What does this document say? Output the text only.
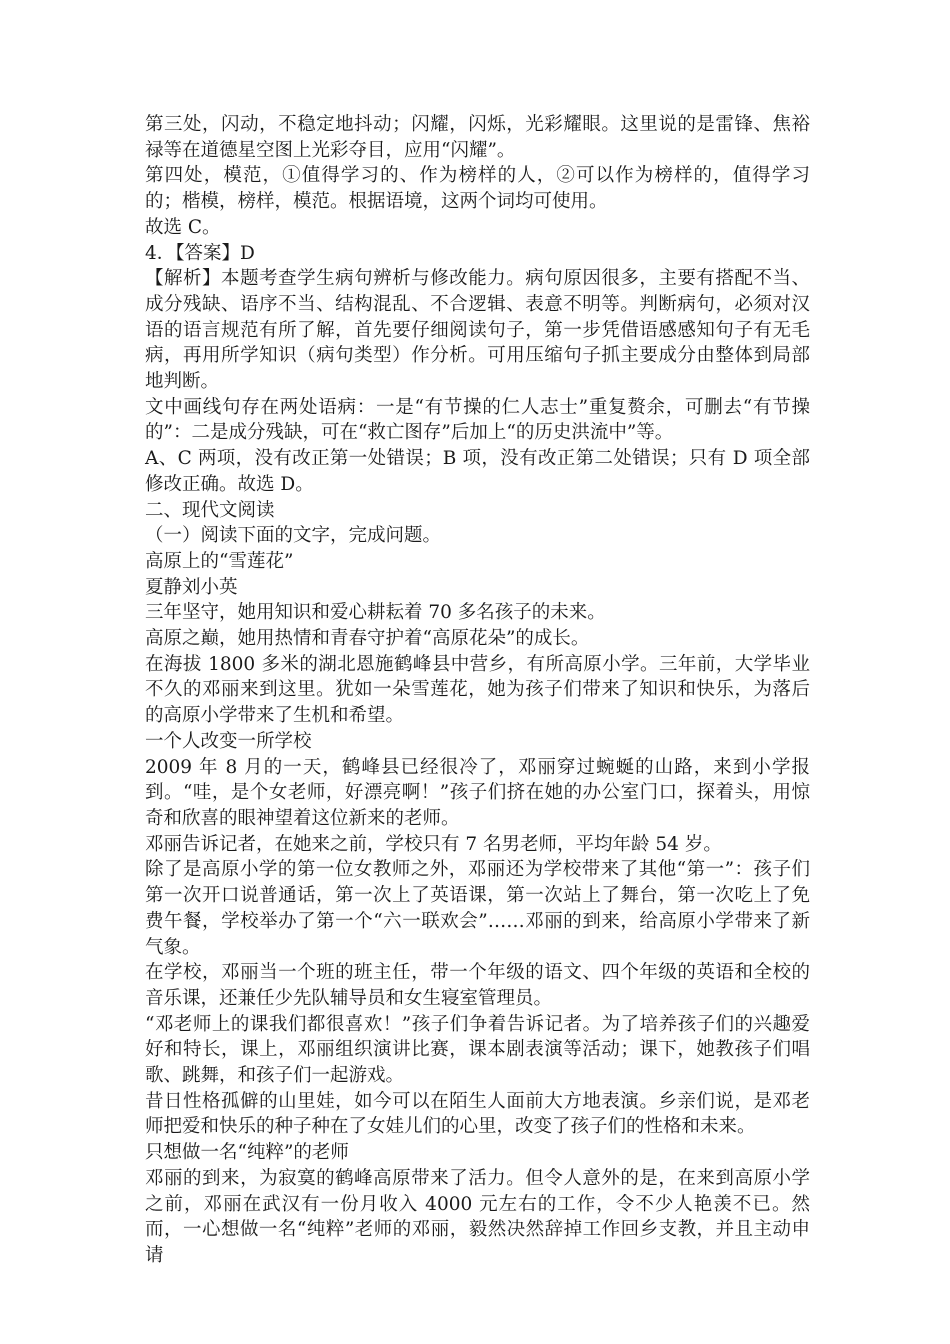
第三处，闪动，不稳定地抖动；闪耀，闪烁，光彩耀眼。这里说的是雷锋、焦裕禄等在道德星空图上光彩夺目，应用“闪耀”。

第四处，模范，①值得学习的、作为榜样的人，②可以作为榜样的，值得学习的；楷模，榜样，模范。根据语境，这两个词均可使用。

故选 C。

4．【答案】D

【解析】本题考查学生病句辨析与修改能力。病句原因很多，主要有搭配不当、成分残缺、语序不当、结构混乱、不合逻辑、表意不明等。判断病句，必须对汉语的语言规范有所了解，首先要仔细阅读句子，第一步凭借语感感知句子有无毛病，再用所学知识（病句类型）作分析。可用压缩句子抓主要成分由整体到局部地判断。

文中画线句存在两处语病：一是“有节操的仁人志士”重复赘余，可删去“有节操的”：二是成分残缺，可在“救亡图存”后加上“的历史洪流中”等。

A、C 两项，没有改正第一处错误；B 项，没有改正第二处错误；只有 D 项全部修改正确。故选 D。

二、现代文阅读

（一）阅读下面的文字，完成问题。

高原上的“雪莲花”

夏静刘小英

三年坚守，她用知识和爱心耕耘着 70 多名孩子的未来。

高原之巅，她用热情和青春守护着“高原花朵”的成长。

在海拔 1800 多米的湖北恩施鹤峰县中营乡，有所高原小学。三年前，大学毕业不久的邓丽来到这里。犹如一朵雪莲花，她为孩子们带来了知识和快乐，为落后的高原小学带来了生机和希望。

一个人改变一所学校

2009 年 8 月的一天，鹤峰县已经很冷了，邓丽穿过蜿蜒的山路，来到小学报到。“哇，是个女老师，好漂亮啊！”孩子们挤在她的办公室门口，探着头，用惊奇和欣喜的眼神望着这位新来的老师。

邓丽告诉记者，在她来之前，学校只有 7 名男老师，平均年龄 54 岁。

除了是高原小学的第一位女教师之外，邓丽还为学校带来了其他“第一”：孩子们第一次开口说普通话，第一次上了英语课，第一次站上了舞台，第一次吃上了免费午餐，学校举办了第一个“六一联欢会”……邓丽的到来，给高原小学带来了新气象。

在学校，邓丽当一个班的班主任，带一个年级的语文、四个年级的英语和全校的音乐课，还兼任少先队辅导员和女生寝室管理员。

“邓老师上的课我们都很喜欢！”孩子们争着告诉记者。为了培养孩子们的兴趣爱好和特长，课上，邓丽组织演讲比赛，课本剧表演等活动；课下，她教孩子们唱歌、跳舞，和孩子们一起游戏。

昔日性格孤僻的山里娃，如今可以在陌生人面前大方地表演。乡亲们说，是邓老师把爱和快乐的种子种在了女娃儿们的心里，改变了孩子们的性格和未来。

只想做一名“纯粹”的老师

邓丽的到来，为寂寞的鹤峰高原带来了活力。但令人意外的是，在来到高原小学之前，邓丽在武汉有一份月收入 4000 元左右的工作，令不少人艳羡不已。然而，一心想做一名“纯粹”老师的邓丽，毅然决然辞掉工作回乡支教，并且主动申请
